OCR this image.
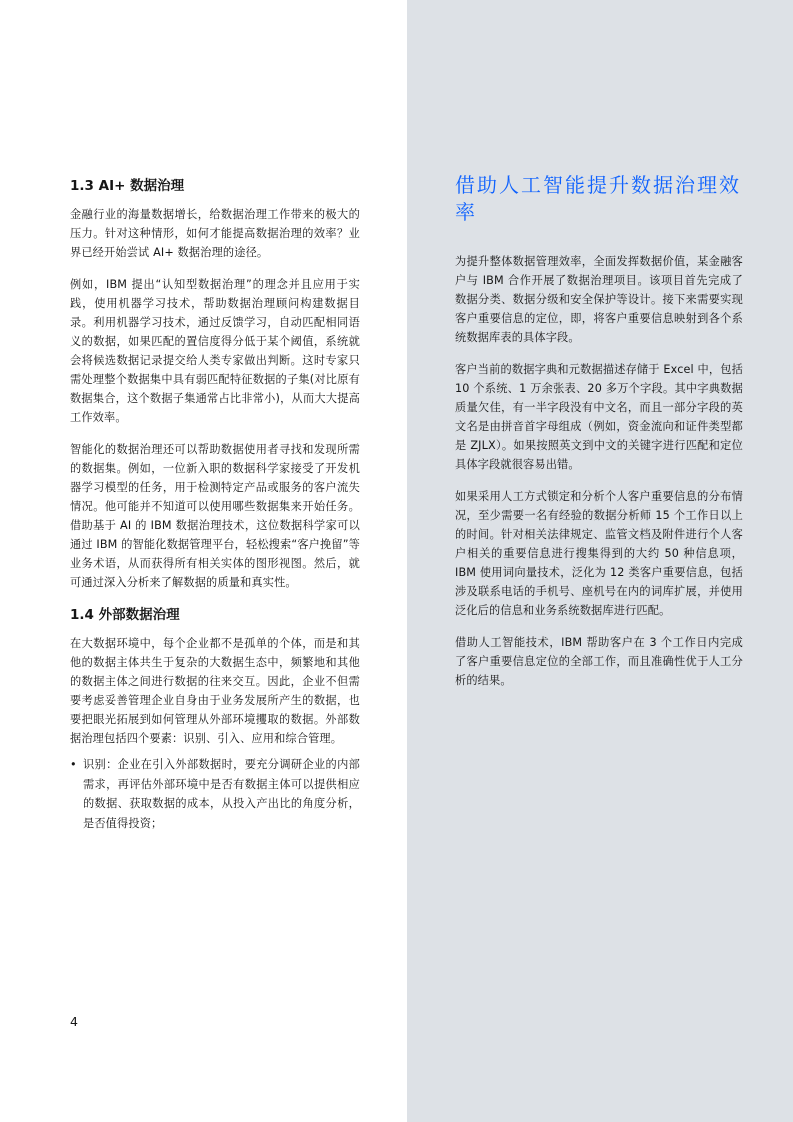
1.3 AI+ 数据治理

金融行业的海量数据增长，给数据治理工作带来的极大的压力。针对这种情形，如何才能提高数据治理的效率？业界已经开始尝试 AI+ 数据治理的途径。

例如，IBM 提出“认知型数据治理”的理念并且应用于实践，使用机器学习技术，帮助数据治理顾问构建数据目录。利用机器学习技术，通过反馈学习，自动匹配相同语义的数据，如果匹配的置信度得分低于某个阈值，系统就会将候选数据记录提交给人类专家做出判断。这时专家只需处理整个数据集中具有弱匹配特征数据的子集(对比原有数据集合，这个数据子集通常占比非常小)，从而大大提高工作效率。

智能化的数据治理还可以帮助数据使用者寻找和发现所需的数据集。例如，一位新入职的数据科学家接受了开发机器学习模型的任务，用于检测特定产品或服务的客户流失情况。他可能并不知道可以使用哪些数据集来开始任务。借助基于 AI 的 IBM 数据治理技术，这位数据科学家可以通过 IBM 的智能化数据管理平台，轻松搜索“客户挽留”等业务术语，从而获得所有相关实体的图形视图。然后，就可通过深入分析来了解数据的质量和真实性。

1.4 外部数据治理

在大数据环境中，每个企业都不是孤单的个体，而是和其他的数据主体共生于复杂的大数据生态中，频繁地和其他的数据主体之间进行数据的往来交互。因此，企业不但需要考虑妥善管理企业自身由于业务发展所产生的数据，也要把眼光拓展到如何管理从外部环境攫取的数据。外部数据治理包括四个要素：识别、引入、应用和综合管理。

• 识别：企业在引入外部数据时，要充分调研企业的内部需求，再评估外部环境中是否有数据主体可以提供相应的数据、获取数据的成本，从投入产出比的角度分析，是否值得投资；
4
借助人工智能提升数据治理效率

为提升整体数据管理效率，全面发挥数据价值，某金融客户与 IBM 合作开展了数据治理项目。该项目首先完成了数据分类、数据分级和安全保护等设计。接下来需要实现客户重要信息的定位，即，将客户重要信息映射到各个系统数据库表的具体字段。

客户当前的数据字典和元数据描述存储于 Excel 中，包括 10 个系统、1 万余张表、20 多万个字段。其中字典数据质量欠佳，有一半字段没有中文名，而且一部分字段的英文名是由拼音首字母组成（例如，资金流向和证件类型都是 ZJLX）。如果按照英文到中文的关键字进行匹配和定位具体字段就很容易出错。

如果采用人工方式锁定和分析个人客户重要信息的分布情况，至少需要一名有经验的数据分析师 15 个工作日以上的时间。针对相关法律规定、监管文档及附件进行个人客户相关的重要信息进行搜集得到的大约 50 种信息项，IBM 使用词向量技术，泛化为 12 类客户重要信息，包括涉及联系电话的手机号、座机号在内的词库扩展，并使用泛化后的信息和业务系统数据库进行匹配。

借助人工智能技术，IBM 帮助客户在 3 个工作日内完成了客户重要信息定位的全部工作，而且准确性优于人工分析的结果。
